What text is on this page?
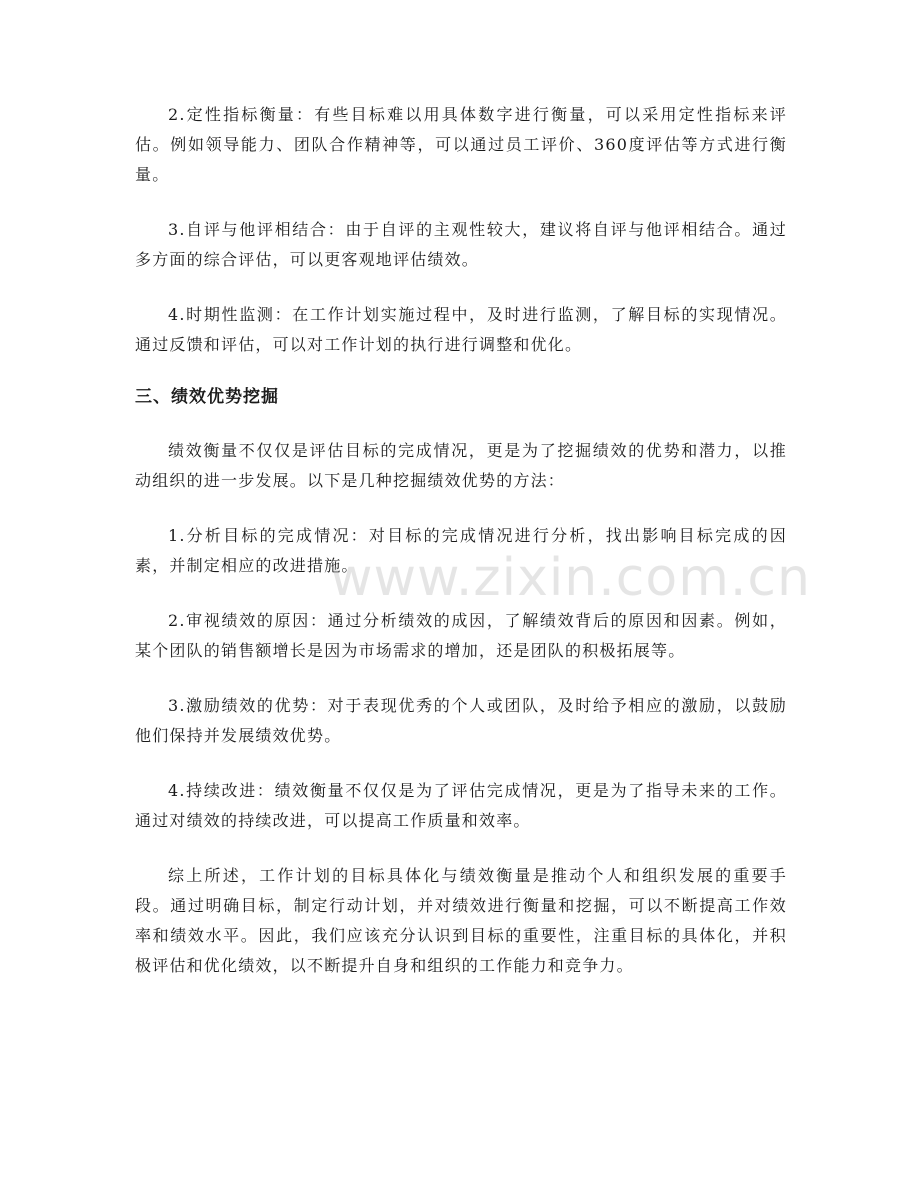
2.定性指标衡量：有些目标难以用具体数字进行衡量，可以采用定性指标来评估。例如领导能力、团队合作精神等，可以通过员工评价、360度评估等方式进行衡量。

3.自评与他评相结合：由于自评的主观性较大，建议将自评与他评相结合。通过多方面的综合评估，可以更客观地评估绩效。

4.时期性监测：在工作计划实施过程中，及时进行监测，了解目标的实现情况。通过反馈和评估，可以对工作计划的执行进行调整和优化。

三、绩效优势挖掘

绩效衡量不仅仅是评估目标的完成情况，更是为了挖掘绩效的优势和潜力，以推动组织的进一步发展。以下是几种挖掘绩效优势的方法：

1.分析目标的完成情况：对目标的完成情况进行分析，找出影响目标完成的因素，并制定相应的改进措施。

2.审视绩效的原因：通过分析绩效的成因，了解绩效背后的原因和因素。例如，某个团队的销售额增长是因为市场需求的增加，还是团队的积极拓展等。

3.激励绩效的优势：对于表现优秀的个人或团队，及时给予相应的激励，以鼓励他们保持并发展绩效优势。

4.持续改进：绩效衡量不仅仅是为了评估完成情况，更是为了指导未来的工作。通过对绩效的持续改进，可以提高工作质量和效率。

综上所述，工作计划的目标具体化与绩效衡量是推动个人和组织发展的重要手段。通过明确目标，制定行动计划，并对绩效进行衡量和挖掘，可以不断提高工作效率和绩效水平。因此，我们应该充分认识到目标的重要性，注重目标的具体化，并积极评估和优化绩效，以不断提升自身和组织的工作能力和竞争力。

www.zixin.com.cn
